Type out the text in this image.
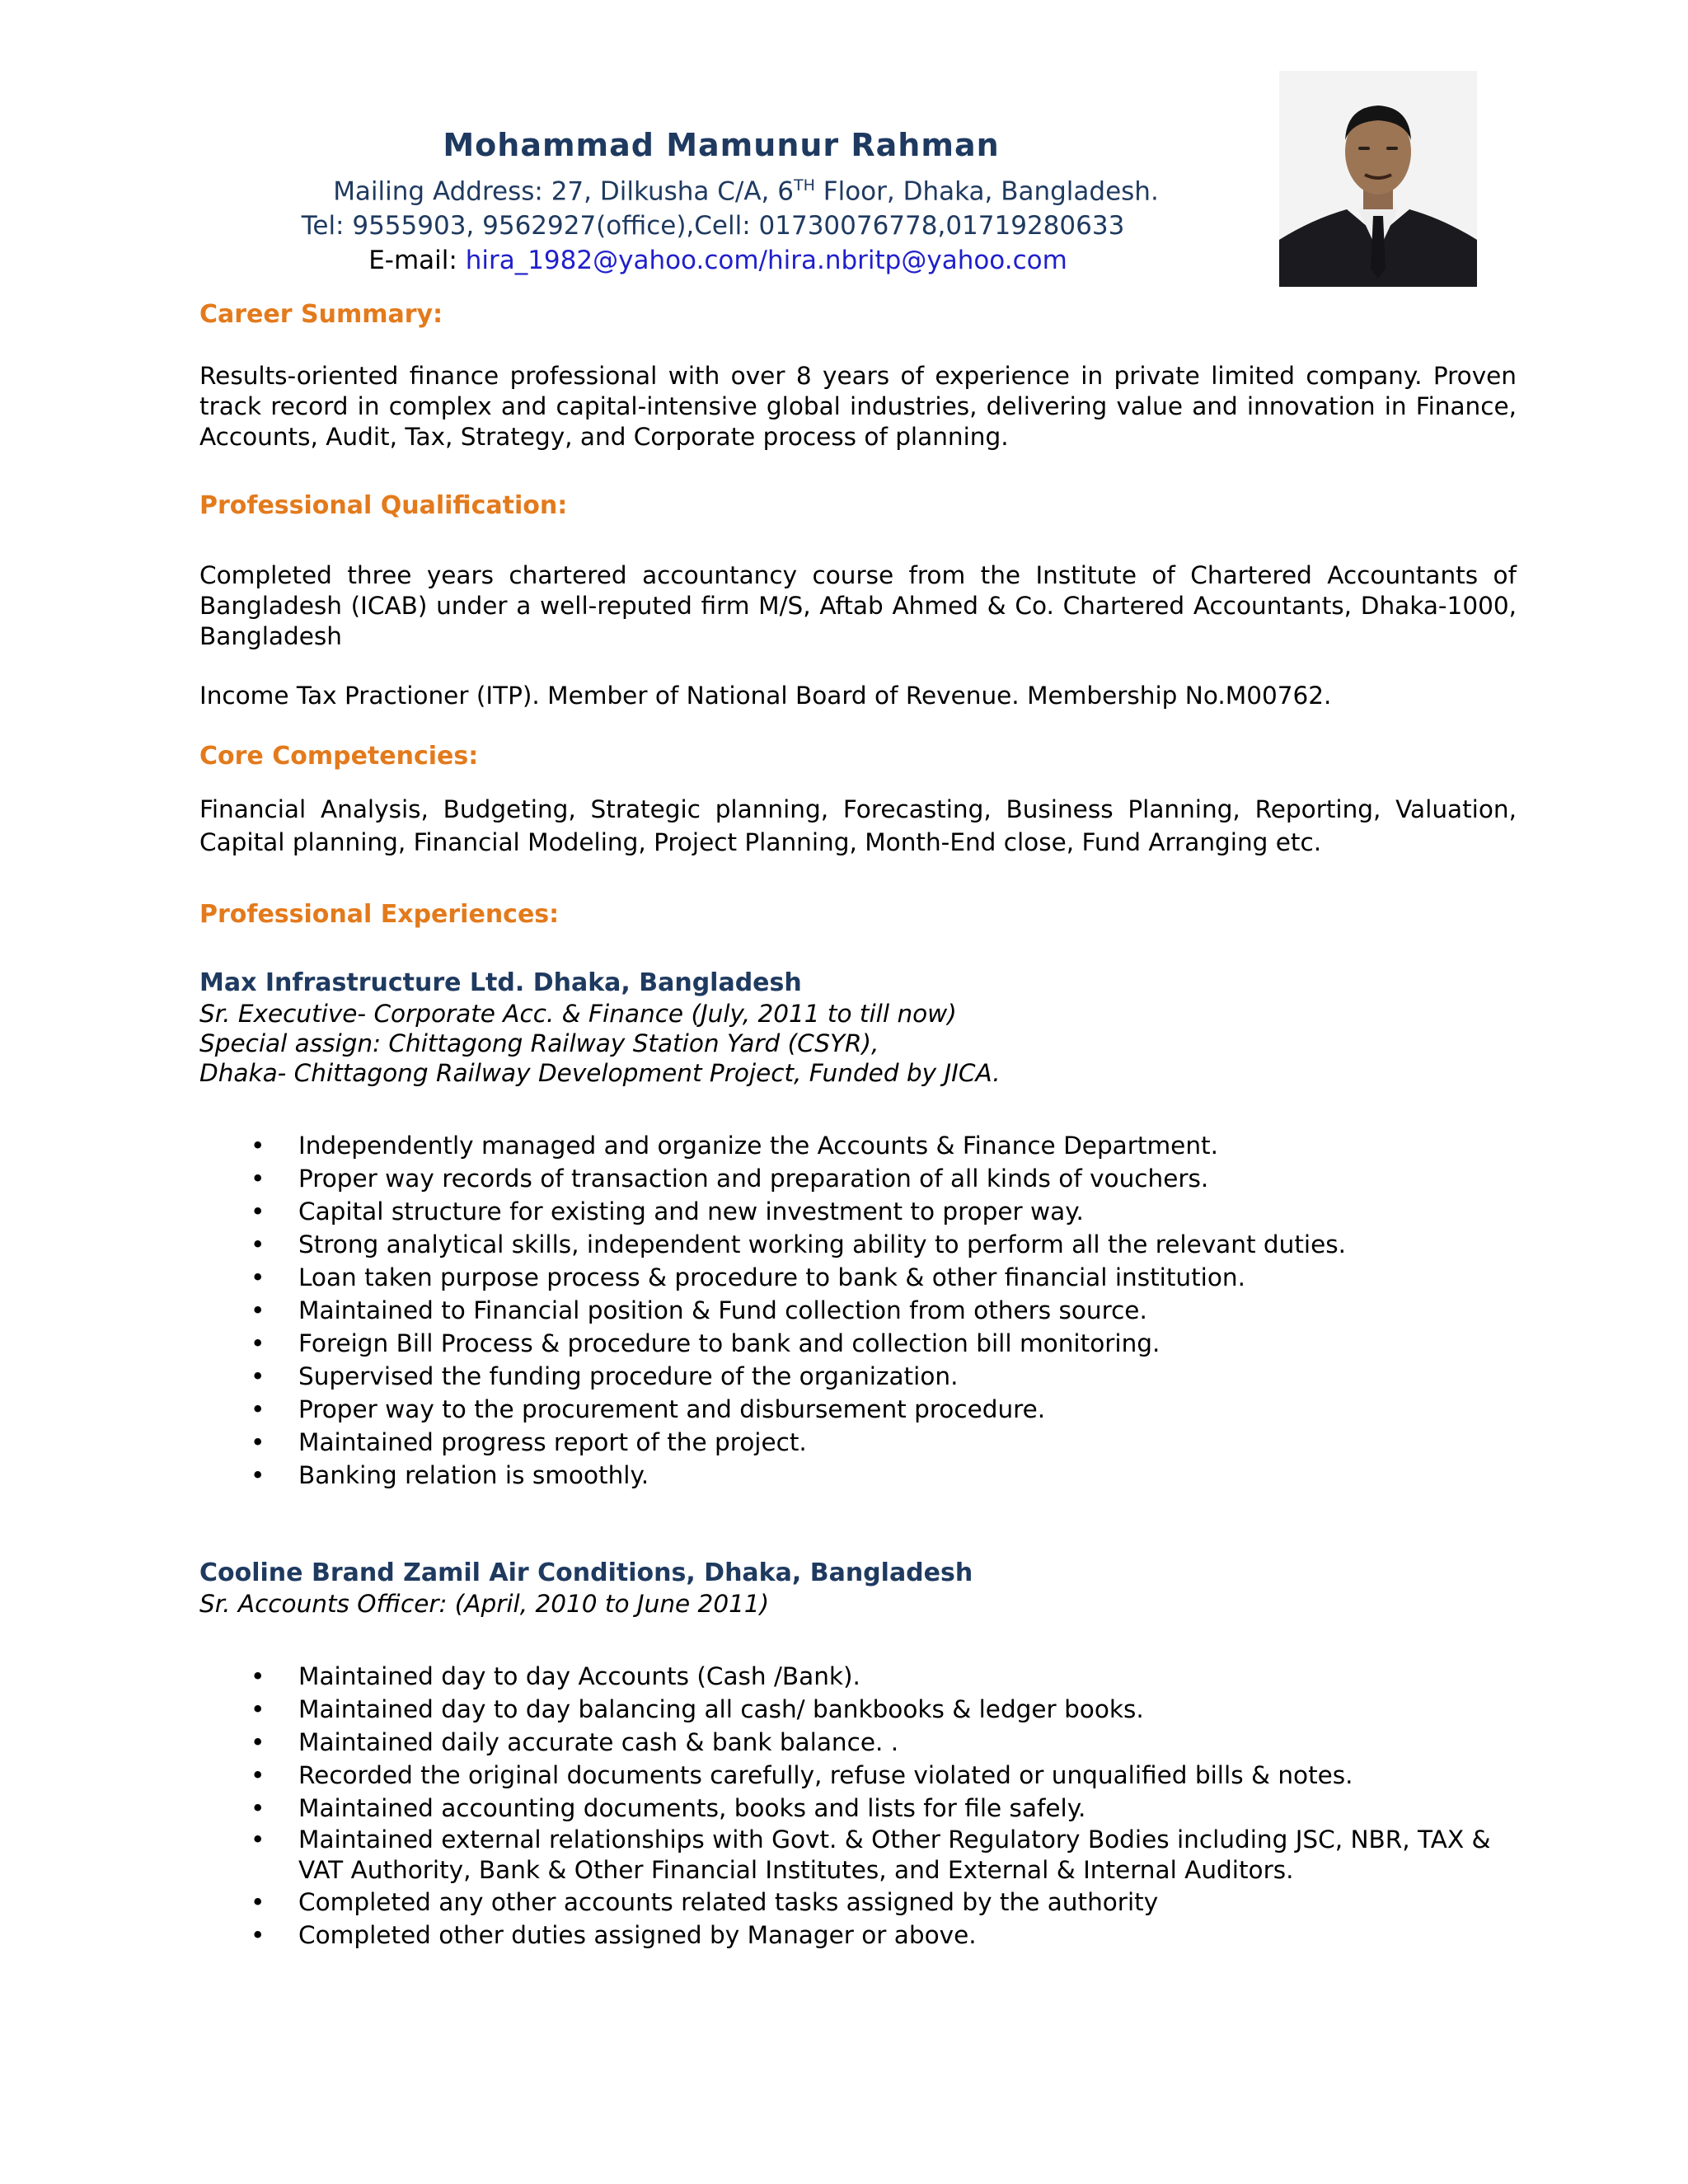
Mohammad Mamunur Rahman
Mailing Address: 27, Dilkusha C/A, 6TH Floor, Dhaka, Bangladesh.
Tel: 9555903, 9562927(office),Cell: 01730076778,01719280633
E-mail: hira_1982@yahoo.com/hira.nbritp@yahoo.com
Career Summary:
Results-oriented finance professional with over 8 years of experience in private limited company. Proven track record in complex and capital-intensive global industries, delivering value and innovation in Finance, Accounts, Audit, Tax, Strategy, and Corporate process of planning.
Professional Qualification:
Completed three years chartered accountancy course from the Institute of Chartered Accountants of Bangladesh (ICAB) under a well-reputed firm M/S, Aftab Ahmed & Co. Chartered Accountants, Dhaka-1000, Bangladesh
Income Tax Practioner (ITP). Member of National Board of Revenue. Membership No.M00762.
Core Competencies:
Financial Analysis, Budgeting, Strategic planning, Forecasting, Business Planning, Reporting, Valuation, Capital planning, Financial Modeling, Project Planning, Month-End close, Fund Arranging etc.
Professional Experiences:
Max Infrastructure Ltd. Dhaka, Bangladesh
Sr. Executive- Corporate Acc. & Finance (July, 2011 to till now)
Special assign: Chittagong Railway Station Yard (CSYR),
Dhaka- Chittagong Railway Development Project, Funded by JICA.
• Independently managed and organize the Accounts & Finance Department.
• Proper way records of transaction and preparation of all kinds of vouchers.
• Capital structure for existing and new investment to proper way.
• Strong analytical skills, independent working ability to perform all the relevant duties.
• Loan taken purpose process & procedure to bank & other financial institution.
• Maintained to Financial position & Fund collection from others source.
• Foreign Bill Process & procedure to bank and collection bill monitoring.
• Supervised the funding procedure of the organization.
• Proper way to the procurement and disbursement procedure.
• Maintained progress report of the project.
• Banking relation is smoothly.
Cooline Brand Zamil Air Conditions, Dhaka, Bangladesh
Sr. Accounts Officer: (April, 2010 to June 2011)
• Maintained day to day Accounts (Cash /Bank).
• Maintained day to day balancing all cash/ bankbooks & ledger books.
• Maintained daily accurate cash & bank balance. .
• Recorded the original documents carefully, refuse violated or unqualified bills & notes.
• Maintained accounting documents, books and lists for file safely.
• Maintained external relationships with Govt. & Other Regulatory Bodies including JSC, NBR, TAX & VAT Authority, Bank & Other Financial Institutes, and External & Internal Auditors.
• Completed any other accounts related tasks assigned by the authority
• Completed other duties assigned by Manager or above.
